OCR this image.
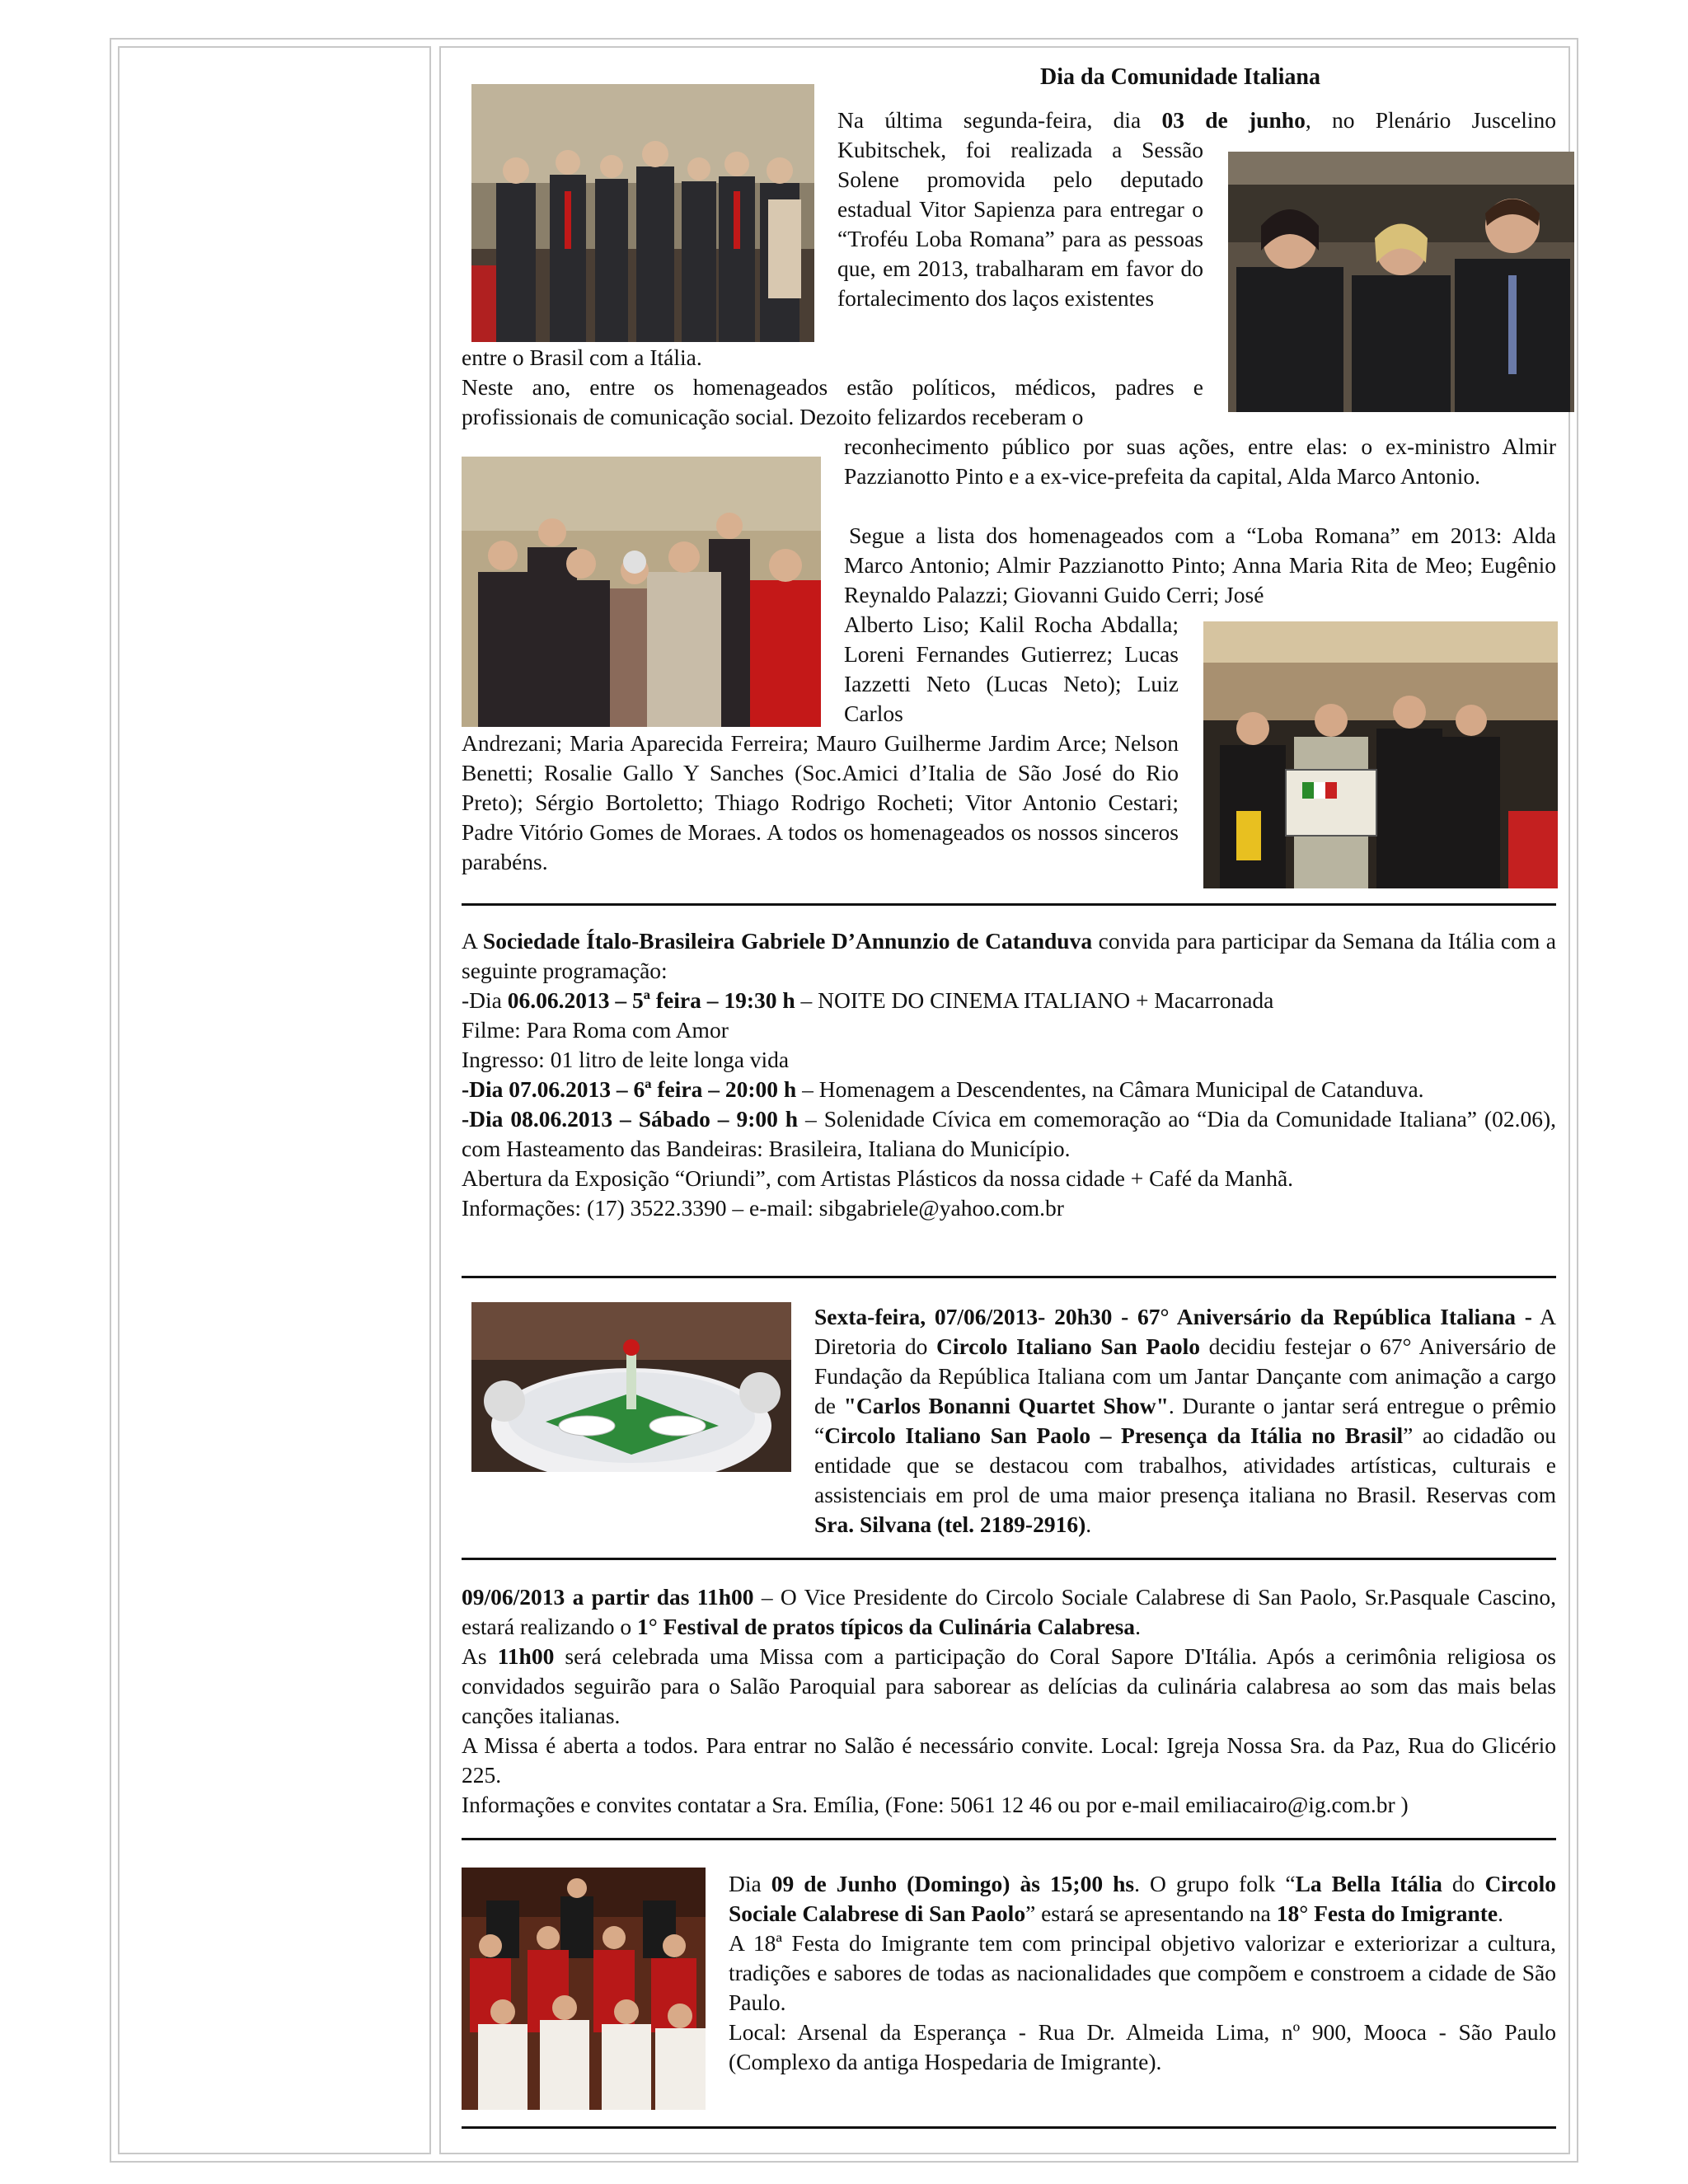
Dia da Comunidade Italiana

Na última segunda-feira, dia 03 de junho, no Plenário Juscelino

Kubitschek, foi realizada a Sessão Solene promovida pelo deputado estadual Vitor Sapienza para entregar o “Troféu Loba Romana” para as pessoas que, em 2013, trabalharam em favor do fortalecimento dos laços existentes

entre o Brasil com a Itália.

Neste ano, entre os homenageados estão políticos, médicos, padres e profissionais de comunicação social. Dezoito felizardos receberam o

reconhecimento público por suas ações, entre elas: o ex-ministro Almir Pazzianotto Pinto e a ex-vice-prefeita da capital, Alda Marco Antonio.

Segue a lista dos homenageados com a “Loba Romana” em 2013: Alda Marco Antonio; Almir Pazzianotto Pinto; Anna Maria Rita de Meo; Eugênio Reynaldo Palazzi; Giovanni Guido Cerri; José

Alberto Liso; Kalil Rocha Abdalla; Loreni Fernandes Gutierrez; Lucas Iazzetti Neto (Lucas Neto); Luiz Carlos

Andrezani; Maria Aparecida Ferreira; Mauro Guilherme Jardim Arce; Nelson Benetti; Rosalie Gallo Y Sanches (Soc.Amici d’Italia de São José do Rio Preto); Sérgio Bortoletto; Thiago Rodrigo Rocheti; Vitor Antonio Cestari; Padre Vitório Gomes de Moraes. A todos os homenageados os nossos sinceros parabéns.

A Sociedade Ítalo-Brasileira Gabriele D’Annunzio de Catanduva convida para participar da Semana da Itália com a seguinte programação:

-Dia 06.06.2013 – 5ª feira – 19:30 h – NOITE DO CINEMA ITALIANO + Macarronada

Filme: Para Roma com Amor

Ingresso: 01 litro de leite longa vida

-Dia 07.06.2013 – 6ª feira – 20:00 h – Homenagem a Descendentes, na Câmara Municipal de Catanduva.

-Dia 08.06.2013 – Sábado – 9:00 h – Solenidade Cívica em comemoração ao “Dia da Comunidade Italiana” (02.06), com Hasteamento das Bandeiras: Brasileira, Italiana do Município.

Abertura da Exposição “Oriundi”, com Artistas Plásticos da nossa cidade + Café da Manhã.

Informações: (17) 3522.3390 – e-mail: sibgabriele@yahoo.com.br

Sexta-feira, 07/06/2013- 20h30 - 67° Aniversário da República Italiana - A Diretoria do Circolo Italiano San Paolo decidiu festejar o 67° Aniversário de Fundação da República Italiana com um Jantar Dançante com animação a cargo de "Carlos Bonanni Quartet Show". Durante o jantar será entregue o prêmio “Circolo Italiano San Paolo – Presença da Itália no Brasil” ao cidadão ou entidade que se destacou com trabalhos, atividades artísticas, culturais e assistenciais em prol de uma maior presença italiana no Brasil. Reservas com Sra. Silvana (tel. 2189-2916).

09/06/2013 a partir das 11h00 – O Vice Presidente do Circolo Sociale Calabrese di San Paolo, Sr.Pasquale Cascino, estará realizando o 1° Festival de pratos típicos da Culinária Calabresa.

As 11h00 será celebrada uma Missa com a participação do Coral Sapore D'Itália. Após a cerimônia religiosa os convidados seguirão para o Salão Paroquial para saborear as delícias da culinária calabresa ao som das mais belas canções italianas.

A Missa é aberta a todos. Para entrar no Salão é necessário convite. Local: Igreja Nossa Sra. da Paz, Rua do Glicério 225.

Informações e convites contatar a Sra. Emília, (Fone: 5061 12 46 ou por e-mail emiliacairo@ig.com.br )

Dia 09 de Junho (Domingo) às 15;00 hs. O grupo folk “La Bella Itália do Circolo Sociale Calabrese di San Paolo” estará se apresentando na 18° Festa do Imigrante.

A 18ª Festa do Imigrante tem com principal objetivo valorizar e exteriorizar a cultura, tradições e sabores de todas as nacionalidades que compõem e constroem a cidade de São Paulo.

Local: Arsenal da Esperança - Rua Dr. Almeida Lima, nº 900, Mooca - São Paulo (Complexo da antiga Hospedaria de Imigrante).
